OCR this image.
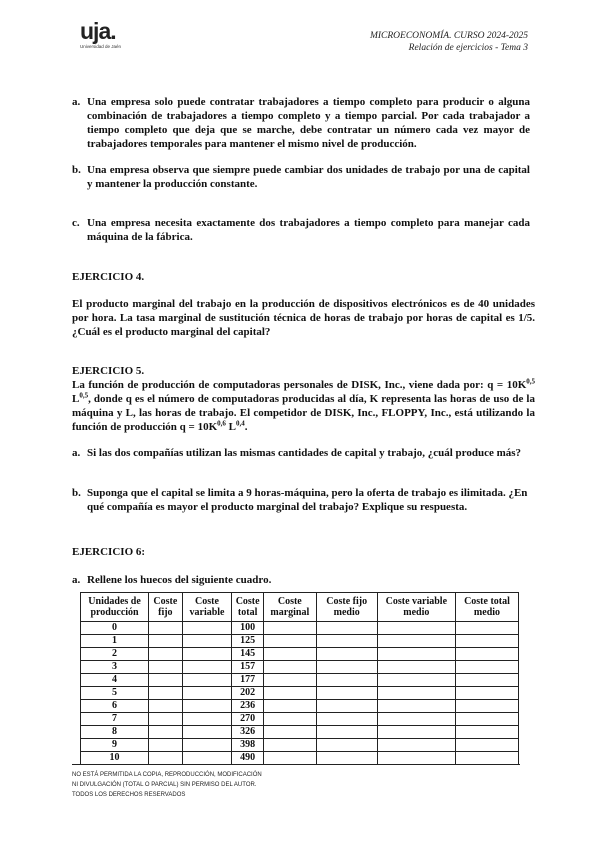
uja.
Universidad de Jaén
MICROECONOMÍA. CURSO 2024-2025
Relación de ejercicios - Tema 3
a. Una empresa solo puede contratar trabajadores a tiempo completo para producir o alguna combinación de trabajadores a tiempo completo y a tiempo parcial. Por cada trabajador a tiempo completo que deja que se marche, debe contratar un número cada vez mayor de trabajadores temporales para mantener el mismo nivel de producción.
b. Una empresa observa que siempre puede cambiar dos unidades de trabajo por una de capital y mantener la producción constante.
c. Una empresa necesita exactamente dos trabajadores a tiempo completo para manejar cada máquina de la fábrica.
EJERCICIO 4.
El producto marginal del trabajo en la producción de dispositivos electrónicos es de 40 unidades por hora. La tasa marginal de sustitución técnica de horas de trabajo por horas de capital es 1/5. ¿Cuál es el producto marginal del capital?
EJERCICIO 5.
La función de producción de computadoras personales de DISK, Inc., viene dada por: $q = 10K^{0,5}$ L$^{0,5}$, donde q es el número de computadoras producidas al día, K representa las horas de uso de la máquina y L, las horas de trabajo. El competidor de DISK, Inc., FLOPPY, Inc., está utilizando la función de producción $q = 10K^{0,6}$ L$^{0,4}$.
a. Si las dos compañías utilizan las mismas cantidades de capital y trabajo, ¿cuál produce más?
b. Suponga que el capital se limita a 9 horas-máquina, pero la oferta de trabajo es ilimitada. ¿En qué compañía es mayor el producto marginal del trabajo? Explique su respuesta.
EJERCICIO 6:
a. Rellene los huecos del siguiente cuadro.
Unidades de producción	Coste fijo	Coste variable	Coste total	Coste marginal	Coste fijo medio	Coste variable medio	Coste total medio
0			100				
1			125				
2			145				
3			157				
4			177				
5			202				
6			236				
7			270				
8			326				
9			398				
10			490				
NO ESTÁ PERMITIDA LA COPIA, REPRODUCCIÓN, MODIFICACIÓN
NI DIVULGACIÓN (TOTAL O PARCIAL) SIN PERMISO DEL AUTOR.
TODOS LOS DERECHOS RESERVADOS
